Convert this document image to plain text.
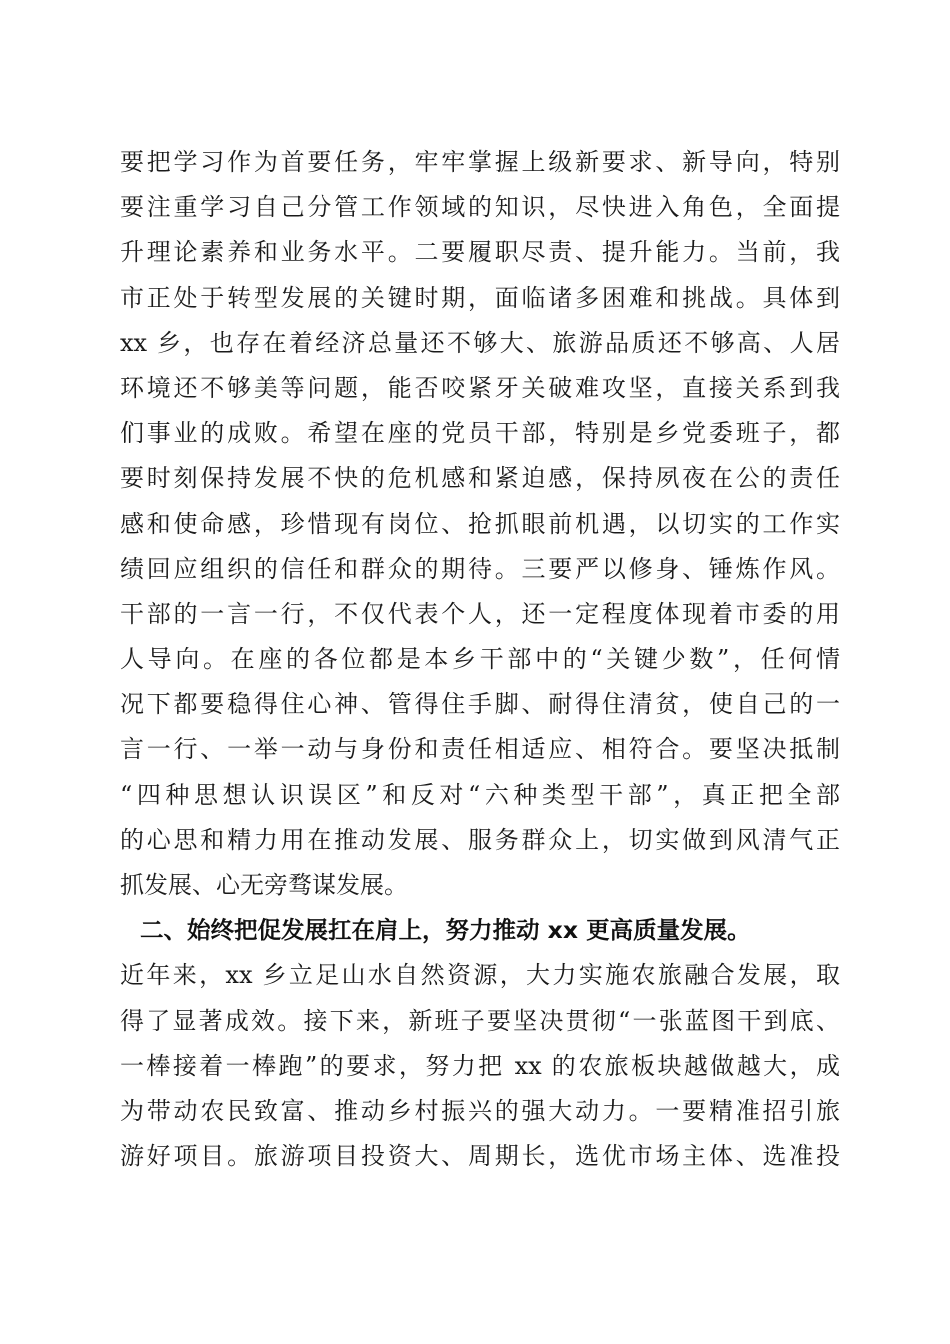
要把学习作为首要任务，牢牢掌握上级新要求、新导向，特别
要注重学习自己分管工作领域的知识，尽快进入角色，全面提
升理论素养和业务水平。二要履职尽责、提升能力。当前，我
市正处于转型发展的关键时期，面临诸多困难和挑战。具体到
xx 乡，也存在着经济总量还不够大、旅游品质还不够高、人居
环境还不够美等问题，能否咬紧牙关破难攻坚，直接关系到我
们事业的成败。希望在座的党员干部，特别是乡党委班子，都
要时刻保持发展不快的危机感和紧迫感，保持夙夜在公的责任
感和使命感，珍惜现有岗位、抢抓眼前机遇，以切实的工作实
绩回应组织的信任和群众的期待。三要严以修身、锤炼作风。
干部的一言一行，不仅代表个人，还一定程度体现着市委的用
人导向。在座的各位都是本乡干部中的“关键少数”，任何情
况下都要稳得住心神、管得住手脚、耐得住清贫，使自己的一
言一行、一举一动与身份和责任相适应、相符合。要坚决抵制
“四种思想认识误区”和反对“六种类型干部”，真正把全部
的心思和精力用在推动发展、服务群众上，切实做到风清气正
抓发展、心无旁骛谋发展。
二、始终把促发展扛在肩上，努力推动 xx 更高质量发展。
近年来，xx 乡立足山水自然资源，大力实施农旅融合发展，取
得了显著成效。接下来，新班子要坚决贯彻“一张蓝图干到底、
一棒接着一棒跑”的要求，努力把 xx 的农旅板块越做越大，成
为带动农民致富、推动乡村振兴的强大动力。一要精准招引旅
游好项目。旅游项目投资大、周期长，选优市场主体、选准投
